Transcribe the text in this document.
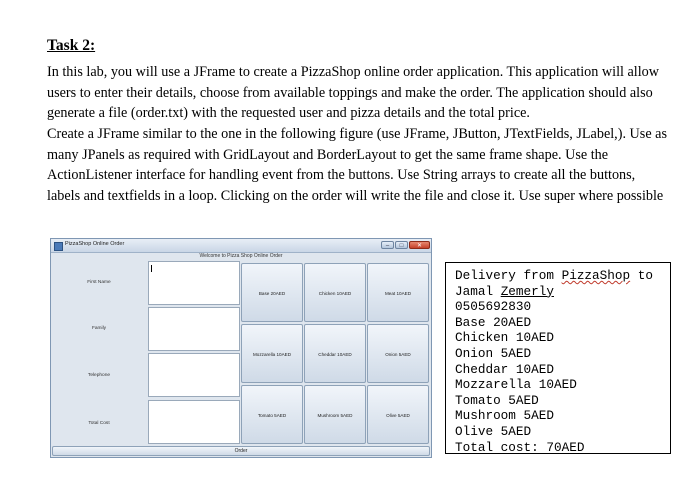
Task 2:

In this lab, you will use a JFrame to create a PizzaShop online order application. This application will allow users to enter their details, choose from available toppings and make the order. The application should also generate a file (order.txt) with the requested user and pizza details and the total price.

Create a JFrame similar to the one in the following figure (use JFrame, JButton, JTextFields, JLabel,). Use as many JPanels as required with GridLayout and BorderLayout to get the same frame shape. Use the ActionListener interface for handling event from the buttons. Use String arrays to create all the buttons, labels and textfields in a loop. Clicking on the order will write the file and close it. Use super where possible

PizzaShop Online Order	–	□	✕
Welcome to Pizza Shop Online Order
First Name
Family
Telephone
Total Cost
Base 20AED	Chicken 10AED	Meat 10AED
Mozzarella 10AED	Cheddar 10AED	Onion 5AED
Tomato 5AED	Mushroom 5AED	Olive 5AED
Order
Delivery from PizzaShop to
Jamal Zemerly
0505692830
Base 20AED
Chicken 10AED
Onion 5AED
Cheddar 10AED
Mozzarella 10AED
Tomato 5AED
Mushroom 5AED
Olive 5AED
Total cost: 70AED
